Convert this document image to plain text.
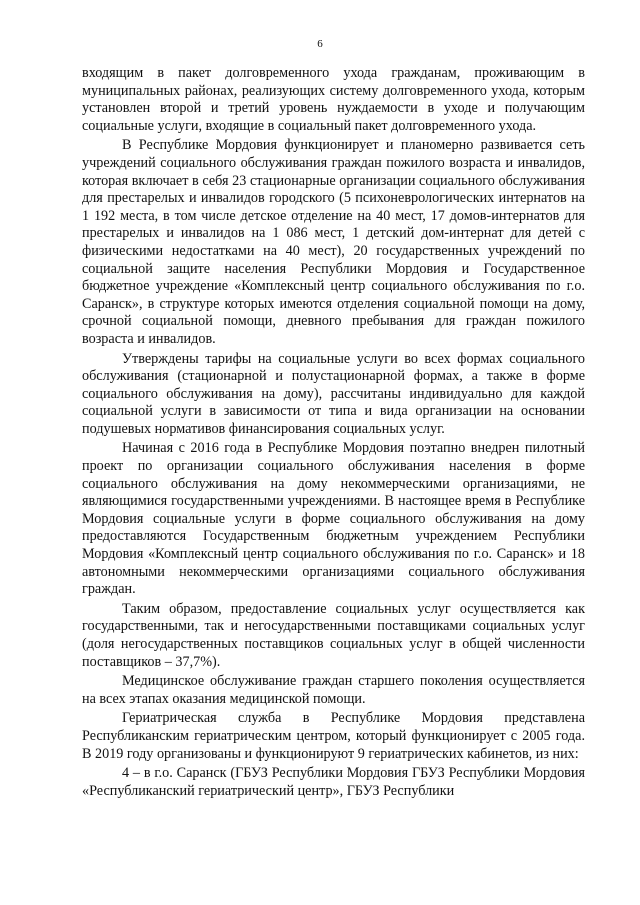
6

входящим в пакет долговременного ухода гражданам, проживающим в муниципальных районах, реализующих систему долговременного ухода, которым установлен второй и третий уровень нуждаемости в уходе и получающим социальные услуги, входящие в социальный пакет долговременного ухода.

В Республике Мордовия функционирует и планомерно развивается сеть учреждений социального обслуживания граждан пожилого возраста и инвалидов, которая включает в себя 23 стационарные организации социального обслуживания для престарелых и инвалидов городского (5 психоневрологических интернатов на 1 192 места, в том числе детское отделение на 40 мест, 17 домов-интернатов для престарелых и инвалидов на 1 086 мест, 1 детский дом-интернат для детей с физическими недостатками на 40 мест), 20 государственных учреждений по социальной защите населения Республики Мордовия и Государственное бюджетное учреждение «Комплексный центр социального обслуживания по г.о. Саранск», в структуре которых имеются отделения социальной помощи на дому, срочной социальной помощи, дневного пребывания для граждан пожилого возраста и инвалидов.

Утверждены тарифы на социальные услуги во всех формах социального обслуживания (стационарной и полустационарной формах, а также в форме социального обслуживания на дому), рассчитаны индивидуально для каждой социальной услуги в зависимости от типа и вида организации на основании подушевых нормативов финансирования социальных услуг.

Начиная с 2016 года в Республике Мордовия поэтапно внедрен пилотный проект по организации социального обслуживания населения в форме социального обслуживания на дому некоммерческими организациями, не являющимися государственными учреждениями. В настоящее время в Республике Мордовия социальные услуги в форме социального обслуживания на дому предоставляются Государственным бюджетным учреждением Республики Мордовия «Комплексный центр социального обслуживания по г.о. Саранск» и 18 автономными некоммерческими организациями социального обслуживания граждан.

Таким образом, предоставление социальных услуг осуществляется как государственными, так и негосударственными поставщиками социальных услуг (доля негосударственных поставщиков социальных услуг в общей численности поставщиков – 37,7%).

Медицинское обслуживание граждан старшего поколения осуществляется на всех этапах оказания медицинской помощи.

Гериатрическая служба в Республике Мордовия представлена Республиканским гериатрическим центром, который функционирует с 2005 года. В 2019 году организованы и функционируют 9 гериатрических кабинетов, из них:

4 – в г.о. Саранск (ГБУЗ Республики Мордовия ГБУЗ Республики Мордовия «Республиканский гериатрический центр», ГБУЗ Республики
